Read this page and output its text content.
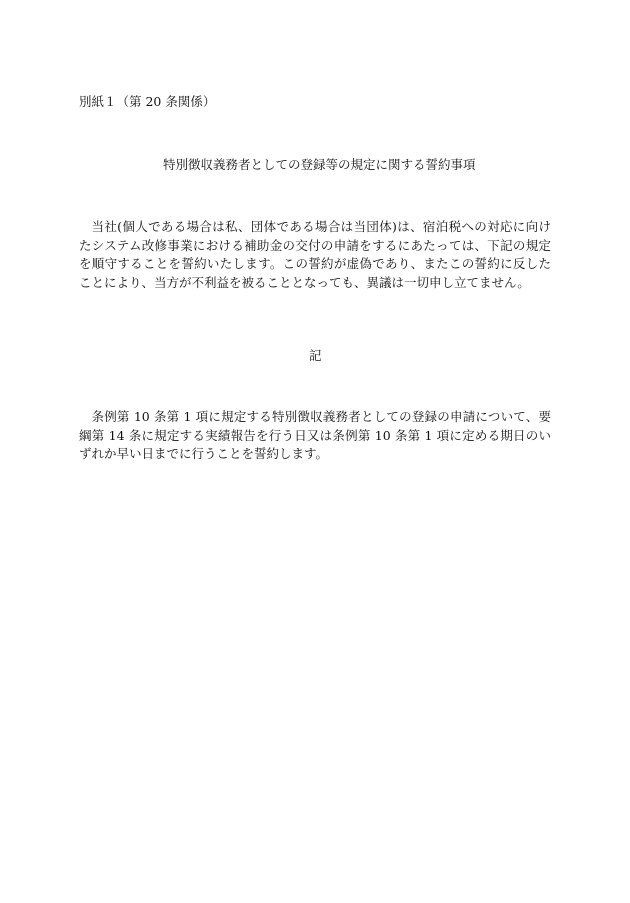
別紙１（第 20 条関係）
特別徴収義務者としての登録等の規定に関する誓約事項
当社(個人である場合は私、団体である場合は当団体)は、宿泊税への対応に向けたシステム改修事業における補助金の交付の申請をするにあたっては、下記の規定を順守することを誓約いたします。この誓約が虚偽であり、またこの誓約に反したことにより、当方が不利益を被ることとなっても、異議は一切申し立てません。
記
条例第 10 条第 1 項に規定する特別徴収義務者としての登録の申請について、要綱第 14 条に規定する実績報告を行う日又は条例第 10 条第 1 項に定める期日のいずれか早い日までに行うことを誓約します。
